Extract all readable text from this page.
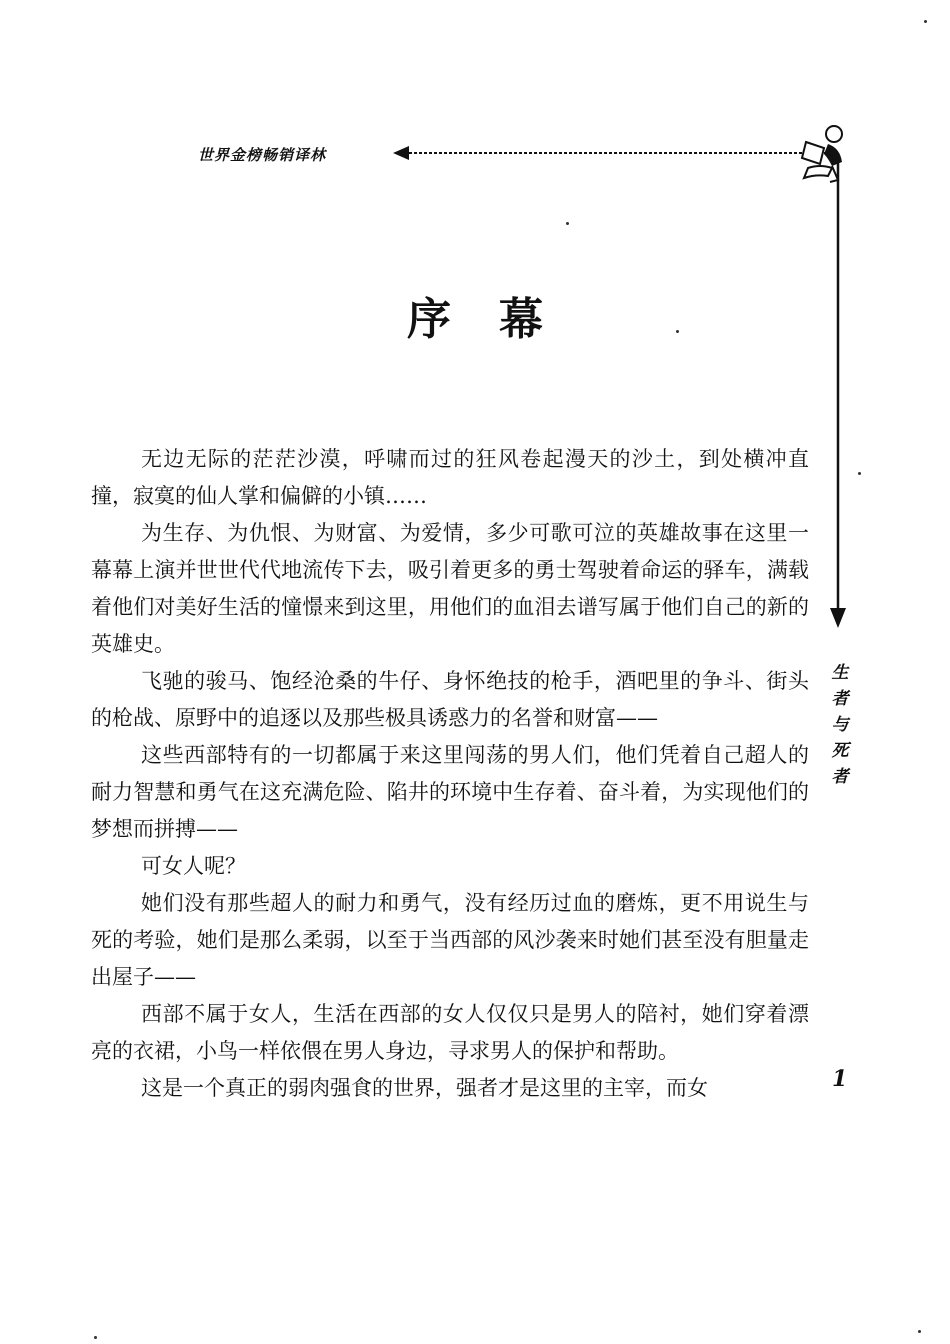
世界金榜畅销译林
序幕

无边无际的茫茫沙漠，呼啸而过的狂风卷起漫天的沙土，到处横冲直撞，寂寞的仙人掌和偏僻的小镇……

为生存、为仇恨、为财富、为爱情，多少可歌可泣的英雄故事在这里一幕幕上演并世世代代地流传下去，吸引着更多的勇士驾驶着命运的驿车，满载着他们对美好生活的憧憬来到这里，用他们的血泪去谱写属于他们自己的新的英雄史。

飞驰的骏马、饱经沧桑的牛仔、身怀绝技的枪手，酒吧里的争斗、街头的枪战、原野中的追逐以及那些极具诱惑力的名誉和财富——

这些西部特有的一切都属于来这里闯荡的男人们，他们凭着自己超人的耐力智慧和勇气在这充满危险、陷井的环境中生存着、奋斗着，为实现他们的梦想而拼搏——

可女人呢？

她们没有那些超人的耐力和勇气，没有经历过血的磨炼，更不用说生与死的考验，她们是那么柔弱，以至于当西部的风沙袭来时她们甚至没有胆量走出屋子——

西部不属于女人，生活在西部的女人仅仅只是男人的陪衬，她们穿着漂亮的衣裙，小鸟一样依偎在男人身边，寻求男人的保护和帮助。

这是一个真正的弱肉强食的世界，强者才是这里的主宰，而女

生
者
与
死
者
1
